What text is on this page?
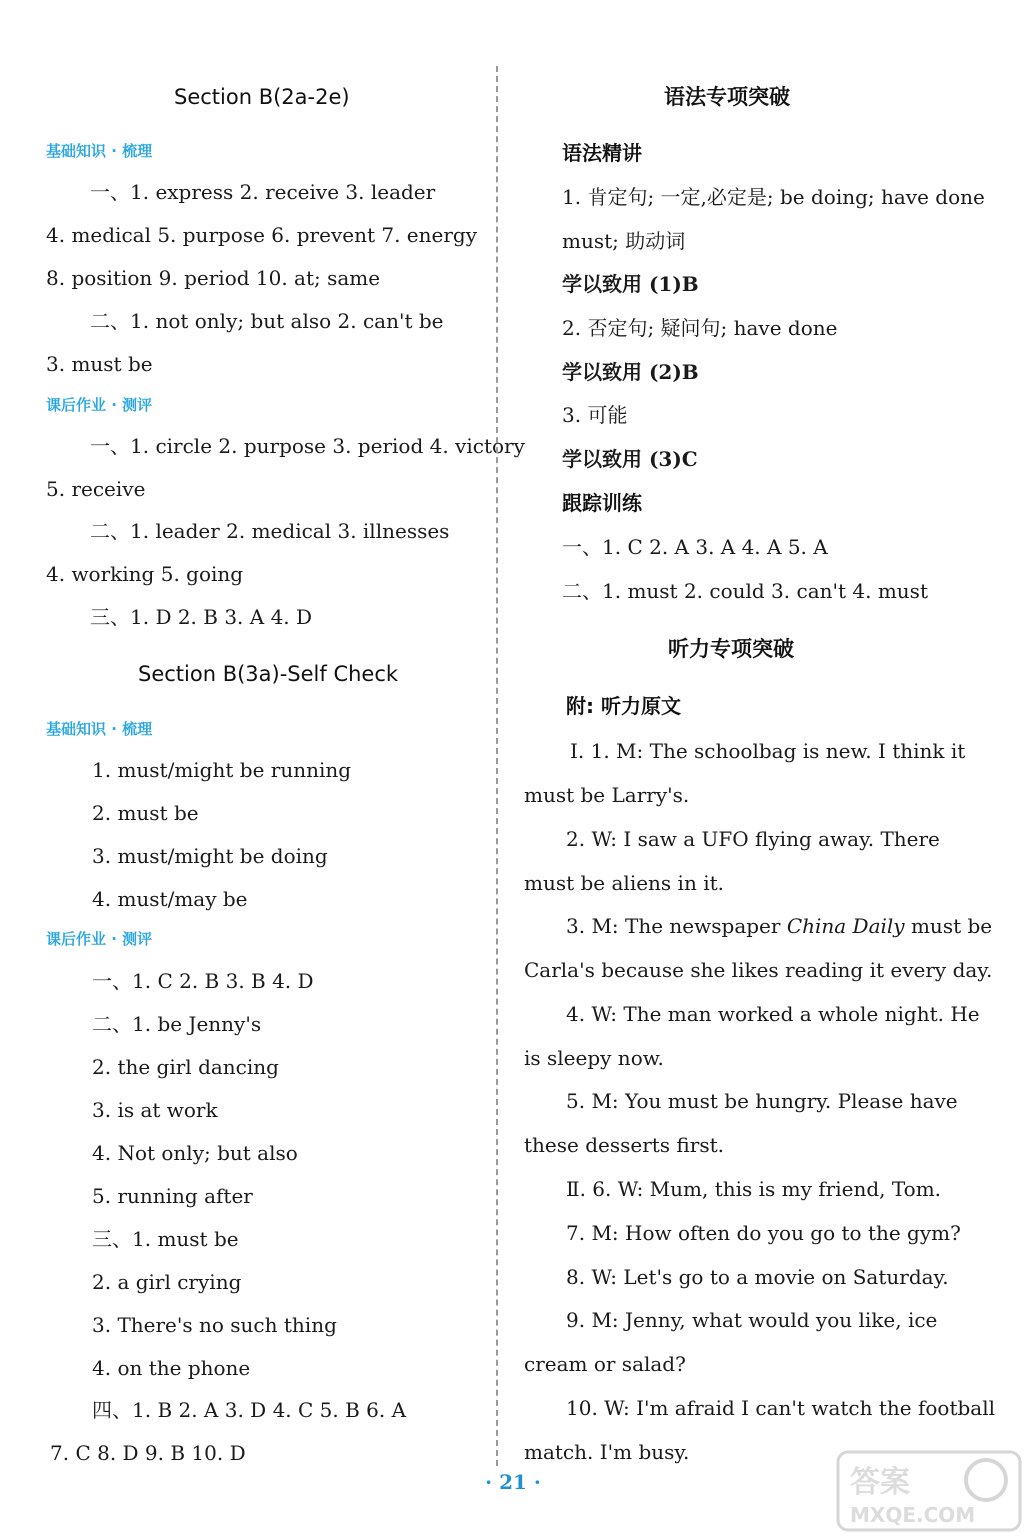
Section B(2a-2e)
基础知识 · 梳理
一、1. express 2. receive 3. leader
4. medical 5. purpose 6. prevent 7. energy
8. position 9. period 10. at; same
二、1. not only; but also 2. can't be
3. must be
课后作业 · 测评
一、1. circle 2. purpose 3. period 4. victory
5. receive
二、1. leader 2. medical 3. illnesses
4. working 5. going
三、1. D 2. B 3. A 4. D
Section B(3a)-Self Check
基础知识 · 梳理
1. must/might be running
2. must be
3. must/might be doing
4. must/may be
课后作业 · 测评
一、1. C 2. B 3. B 4. D
二、1. be Jenny's
2. the girl dancing
3. is at work
4. Not only; but also
5. running after
三、1. must be
2. a girl crying
3. There's no such thing
4. on the phone
四、1. B 2. A 3. D 4. C 5. B 6. A
7. C 8. D 9. B 10. D
语法专项突破
语法精讲
1. 肯定句; 一定,必定是; be doing; have done
must; 助动词
学以致用 (1)B
2. 否定句; 疑问句; have done
学以致用 (2)B
3. 可能
学以致用 (3)C
跟踪训练
一、1. C 2. A 3. A 4. A 5. A
二、1. must 2. could 3. can't 4. must
听力专项突破
附: 听力原文
Ⅰ. 1. M: The schoolbag is new. I think it
must be Larry's.
2. W: I saw a UFO flying away. There
must be aliens in it.
3. M: The newspaper China Daily must be
Carla's because she likes reading it every day.
4. W: The man worked a whole night. He
is sleepy now.
5. M: You must be hungry. Please have
these desserts first.
Ⅱ. 6. W: Mum, this is my friend, Tom.
7. M: How often do you go to the gym?
8. W: Let's go to a movie on Saturday.
9. M: Jenny, what would you like, ice
cream or salad?
10. W: I'm afraid I can't watch the football
match. I'm busy.
· 21 ·	答案
MXQE.COM
